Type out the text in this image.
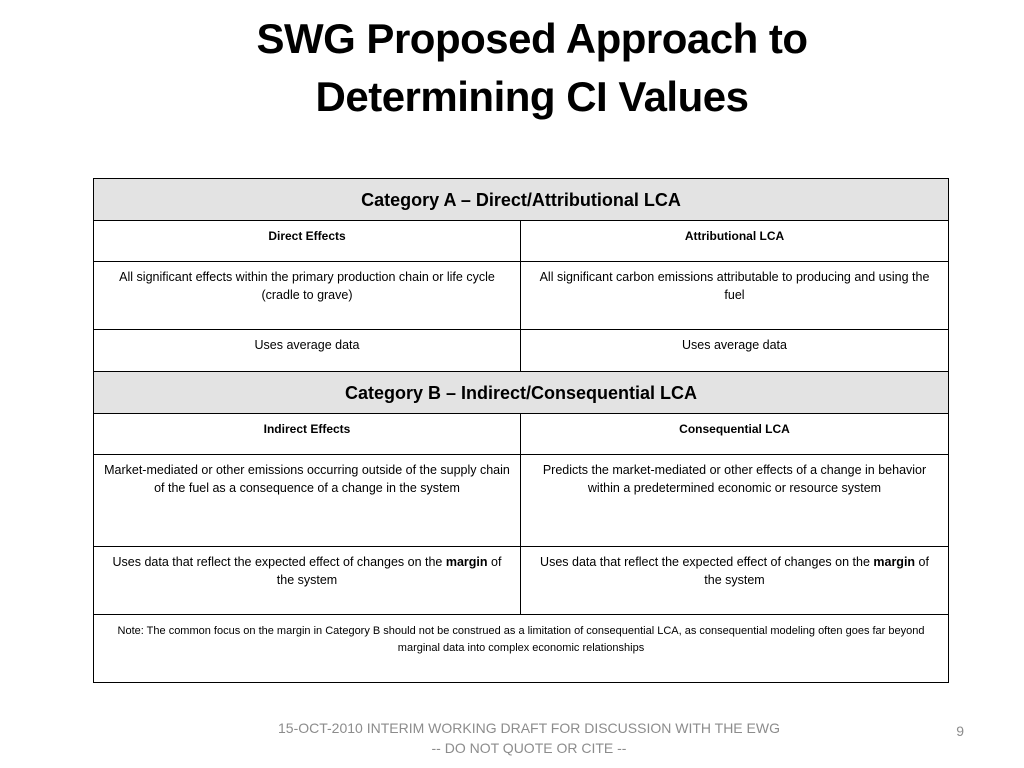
SWG Proposed Approach to
Determining CI Values
Category A – Direct/Attributional LCA	
Direct Effects	Attributional LCA
All significant effects within the primary production chain or life cycle (cradle to grave)	All significant carbon emissions attributable to producing and using the fuel
Uses average data	Uses average data
Category B – Indirect/Consequential LCA	
Indirect Effects	Consequential LCA
Market-mediated or other emissions occurring outside of the supply chain of the fuel as a consequence of a change in the system	Predicts the market-mediated or other effects of a change in behavior within a predetermined economic or resource system
Uses data that reflect the expected effect of changes on the margin of the system	Uses data that reflect the expected effect of changes on the margin of the system
Note: The common focus on the margin in Category B should not be construed as a limitation of consequential LCA, as consequential modeling often goes far beyond marginal data into complex economic relationships	
15-OCT-2010 INTERIM WORKING DRAFT FOR DISCUSSION WITH THE EWG
-- DO NOT QUOTE OR CITE --
9
